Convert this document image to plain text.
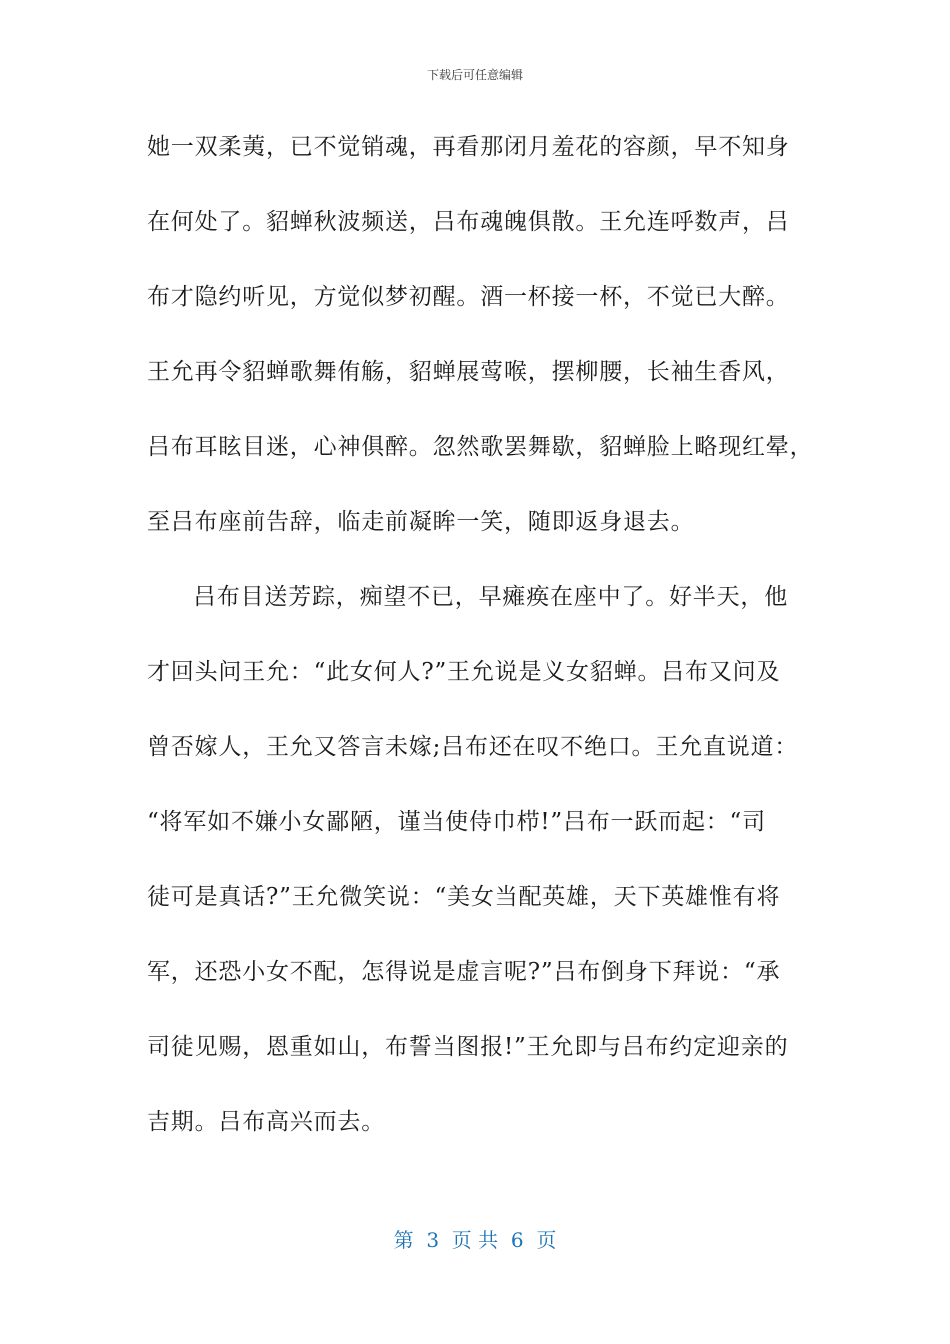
下载后可任意编辑
她一双柔荑，已不觉销魂，再看那闭月羞花的容颜，早不知身
在何处了。貂蝉秋波频送，吕布魂魄俱散。王允连呼数声，吕
布才隐约听见，方觉似梦初醒。酒一杯接一杯，不觉已大醉。
王允再令貂蝉歌舞侑觞，貂蝉展莺喉，摆柳腰，长袖生香风，
吕布耳眩目迷，心神俱醉。忽然歌罢舞歇，貂蝉脸上略现红晕，
至吕布座前告辞，临走前凝眸一笑，随即返身退去。
吕布目送芳踪，痴望不已，早瘫痪在座中了。好半天，他
才回头问王允：“此女何人?”王允说是义女貂蝉。吕布又问及
曾否嫁人，王允又答言未嫁;吕布还在叹不绝口。王允直说道：
“将军如不嫌小女鄙陋，谨当使侍巾栉!”吕布一跃而起：“司
徒可是真话?”王允微笑说：“美女当配英雄，天下英雄惟有将
军，还恐小女不配，怎得说是虚言呢?”吕布倒身下拜说：“承
司徒见赐，恩重如山，布誓当图报!”王允即与吕布约定迎亲的
吉期。吕布高兴而去。
第  3  页 共  6  页
